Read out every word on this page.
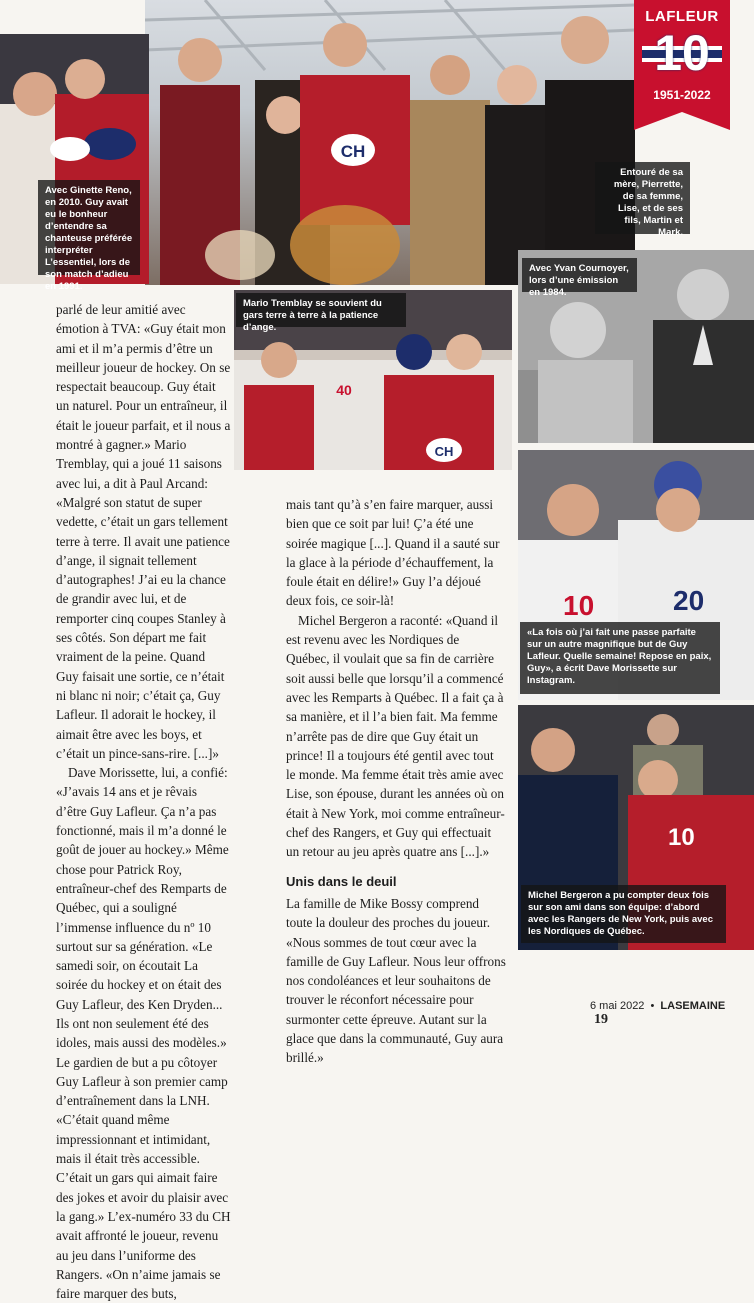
CH
Avec Ginette Reno, en 2010. Guy avait eu le bonheur d’entendre sa chanteuse préférée interpréter L’essentiel, lors de son match d’adieu en 1991.
LAFLEUR
10
1951-2022
Entouré de sa mère, Pierrette, de sa femme, Lise, et de ses fils, Martin et Mark.
Avec Yvan Cournoyer, lors d’une émission en 1984.
CH
40
Mario Tremblay se souvient du gars terre à terre à la patience d’ange.
10	20
«La fois où j’ai fait une passe parfaite sur un autre magnifique but de Guy Lafleur. Quelle semaine! Repose en paix, Guy», a écrit Dave Morissette sur Instagram.
10
Michel Bergeron a pu compter deux fois sur son ami dans son équipe: d’abord avec les Rangers de New York, puis avec les Nordiques de Québec.

parlé de leur amitié avec émotion à TVA: «Guy était mon ami et il m’a permis d’être un meilleur joueur de hockey. On se respectait beaucoup. Guy était un naturel. Pour un entraîneur, il était le joueur parfait, et il nous a montré à gagner.» Mario Tremblay, qui a joué 11 saisons avec lui, a dit à Paul Arcand: «Malgré son statut de super vedette, c’était un gars tellement terre à terre. Il avait une patience d’ange, il signait tellement d’autographes! J’ai eu la chance de grandir avec lui, et de remporter cinq coupes Stanley à ses côtés. Son départ me fait vraiment de la peine. Quand Guy faisait une sortie, ce n’était ni blanc ni noir; c’était ça, Guy Lafleur. Il adorait le hockey, il aimait être avec les boys, et c’était un pince-sans-rire. [...]»

Dave Morissette, lui, a confié: «J’avais 14 ans et je rêvais d’être Guy Lafleur. Ça n’a pas fonctionné, mais il m’a donné le goût de jouer au hockey.» Même chose pour Patrick Roy, entraîneur-chef des Remparts de Québec, qui a souligné l’immense influence du nº 10 surtout sur sa génération. «Le samedi soir, on écoutait La soirée du hockey et on était des Guy Lafleur, des Ken Dryden... Ils ont non seulement été des idoles, mais aussi des modèles.» Le gardien de but a pu côtoyer Guy Lafleur à son premier camp d’entraînement dans la LNH. «C’était quand même impressionnant et intimidant, mais il était très accessible. C’était un gars qui aimait faire des jokes et avoir du plaisir avec la gang.» L’ex-numéro 33 du CH avait affronté le joueur, revenu au jeu dans l’uniforme des Rangers. «On n’aime jamais se faire marquer des buts,

mais tant qu’à s’en faire marquer, aussi bien que ce soit par lui! Ç’a été une soirée magique [...]. Quand il a sauté sur la glace à la période d’échauffement, la foule était en délire!» Guy l’a déjoué deux fois, ce soir-là!

Michel Bergeron a raconté: «Quand il est revenu avec les Nordiques de Québec, il voulait que sa fin de carrière soit aussi belle que lorsqu’il a commencé avec les Remparts à Québec. Il a fait ça à sa manière, et il l’a bien fait. Ma femme n’arrête pas de dire que Guy était un prince! Il a toujours été gentil avec tout le monde. Ma femme était très amie avec Lise, son épouse, durant les années où on était à New York, moi comme entraîneur-chef des Rangers, et Guy qui effectuait un retour au jeu après quatre ans [...].»

Unis dans le deuil

La famille de Mike Bossy comprend toute la douleur des proches du joueur. «Nous sommes de tout cœur avec la famille de Guy Lafleur. Nous leur offrons nos condoléances et leur souhaitons de trouver le réconfort nécessaire pour surmonter cette épreuve. Autant sur la glace que dans la communauté, Guy aura brillé.»

6 mai 2022 • LASEMAINE 19
